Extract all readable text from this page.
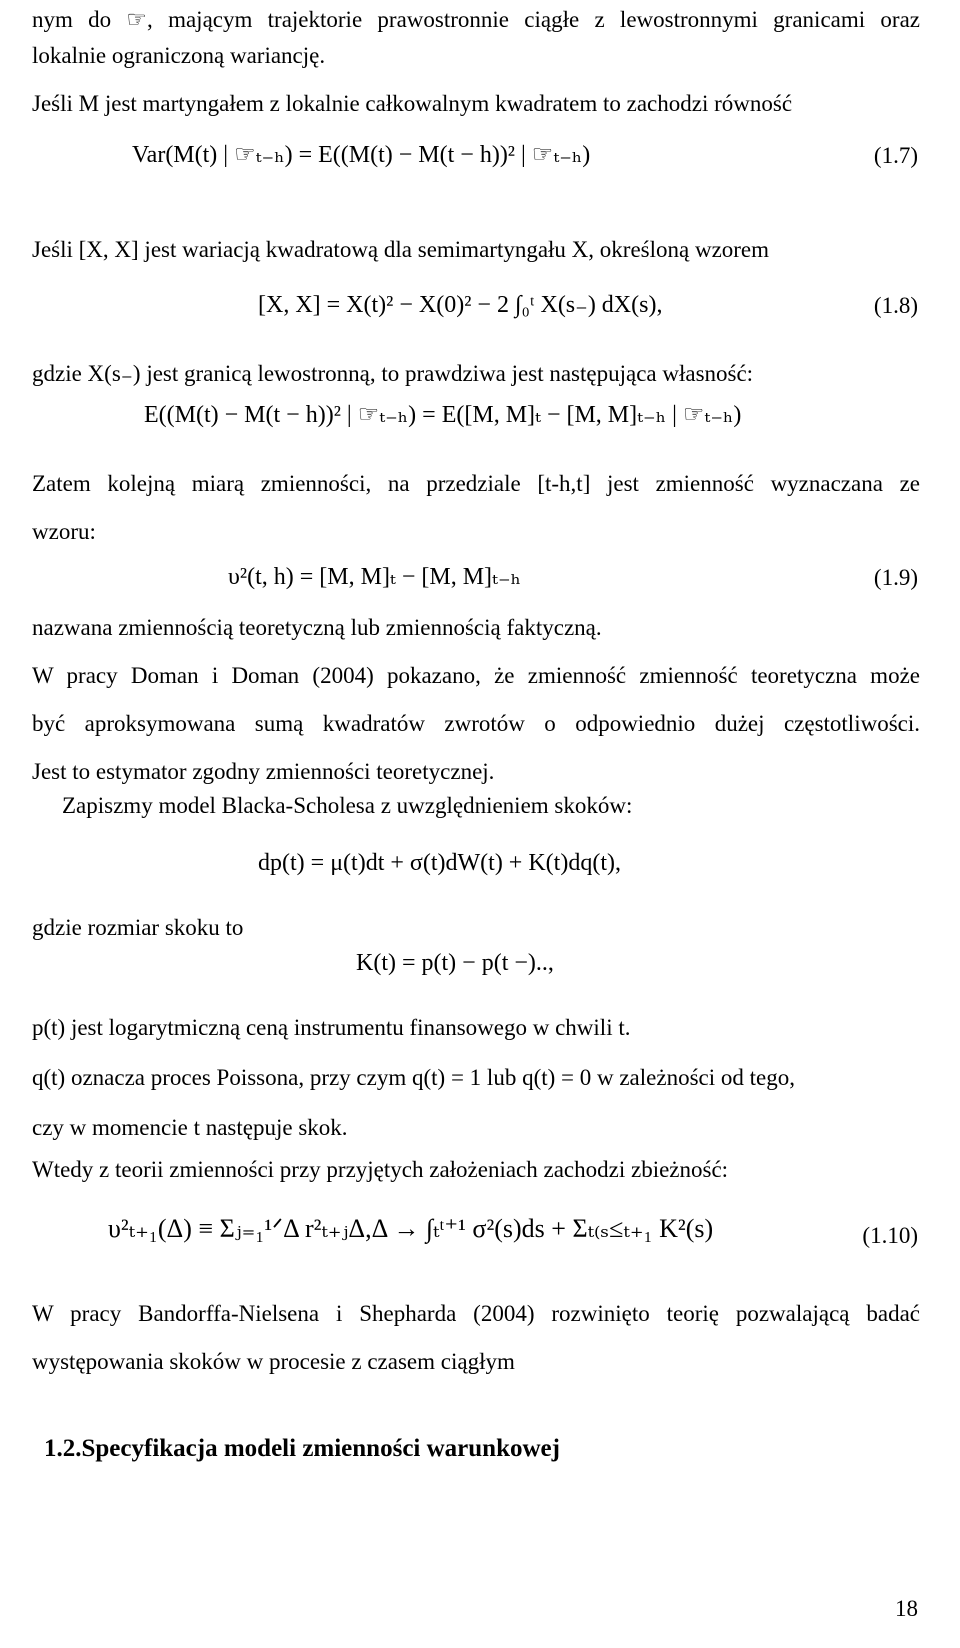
nym do ☞, mającym trajektorie prawostronnie ciągłe z lewostronnymi granicami oraz
lokalnie ograniczoną wariancję.
Jeśli M jest martyngałem z lokalnie całkowalnym kwadratem to zachodzi równość
Var(M(t) | ☞ₜ₋ₕ) = E((M(t) − M(t − h))² | ☞ₜ₋ₕ)	(1.7)
Jeśli [X, X] jest wariacją kwadratową dla semimartyngału X, określoną wzorem
[X, X] = X(t)² − X(0)² − 2 ∫₀ᵗ X(s₋) dX(s),	(1.8)
gdzie X(s₋) jest granicą lewostronną, to prawdziwa jest następująca własność:
E((M(t) − M(t − h))² | ☞ₜ₋ₕ) = E([M, M]ₜ − [M, M]ₜ₋ₕ | ☞ₜ₋ₕ)
Zatem kolejną miarą zmienności, na przedziale [t-h,t] jest zmienność wyznaczana ze
wzoru:
υ²(t, h) = [M, M]ₜ − [M, M]ₜ₋ₕ	(1.9)
nazwana zmiennością teoretyczną lub zmiennością faktyczną.
W pracy Doman i Doman (2004) pokazano, że zmienność zmienność teoretyczna może
być aproksymowana sumą kwadratów zwrotów o odpowiednio dużej częstotliwości.
Jest to estymator zgodny zmienności teoretycznej.
Zapiszmy model Blacka-Scholesa z uwzględnieniem skoków:
dp(t) = μ(t)dt + σ(t)dW(t) + K(t)dq(t),
gdzie rozmiar skoku to
K(t) = p(t) − p(t −)..,
p(t) jest logarytmiczną ceną instrumentu finansowego w chwili t.
q(t) oznacza proces Poissona, przy czym q(t) = 1 lub q(t) = 0 w zależności od tego,
czy w momencie t następuje skok.
Wtedy z teorii zmienności przy przyjętych założeniach zachodzi zbieżność:
υ²ₜ₊₁(Δ) ≡ Σⱼ₌₁¹ᐟΔ r²ₜ₊ⱼΔ,Δ → ∫ₜᵗ⁺¹ σ²(s)ds + Σₜ₍ₛ≤ₜ₊₁ K²(s)	(1.10)
W pracy Bandorffa-Nielsena i Shepharda (2004) rozwinięto teorię pozwalającą badać
występowania skoków w procesie z czasem ciągłym
1.2.Specyfikacja modeli zmienności warunkowej
18
